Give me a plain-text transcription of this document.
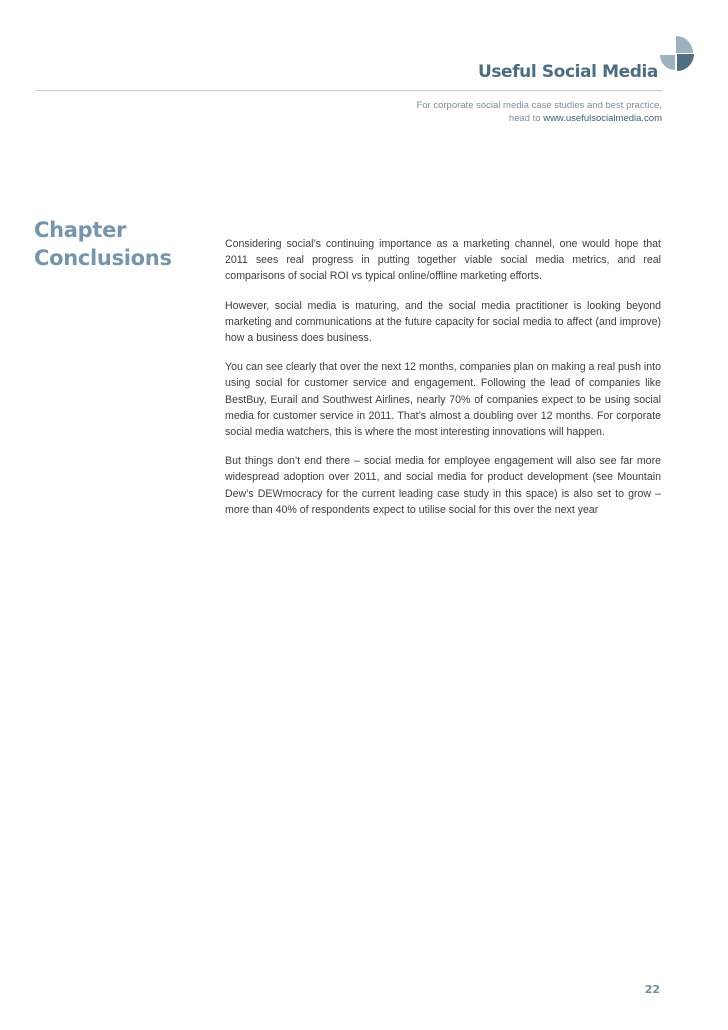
Useful Social Media
For corporate social media case studies and best practice,
head to www.usefulsocialmedia.com
Chapter
Conclusions

Considering social’s continuing importance as a marketing channel, one would hope that 2011 sees real progress in putting together viable social media metrics, and real comparisons of social ROI vs typical online/offline marketing efforts.

However, social media is maturing, and the social media practitioner is looking beyond marketing and communications at the future capacity for social media to affect (and improve) how a business does business.

You can see clearly that over the next 12 months, companies plan on making a real push into using social for customer service and engagement. Following the lead of companies like BestBuy, Eurail and Southwest Airlines, nearly 70% of companies expect to be using social media for customer service in 2011. That’s almost a doubling over 12 months. For corporate social media watchers, this is where the most interesting innovations will happen.

But things don’t end there – social media for employee engagement will also see far more widespread adoption over 2011, and social media for product development (see Mountain Dew’s DEWmocracy for the current leading case study in this space) is also set to grow – more than 40% of respondents expect to utilise social for this over the next year

22
